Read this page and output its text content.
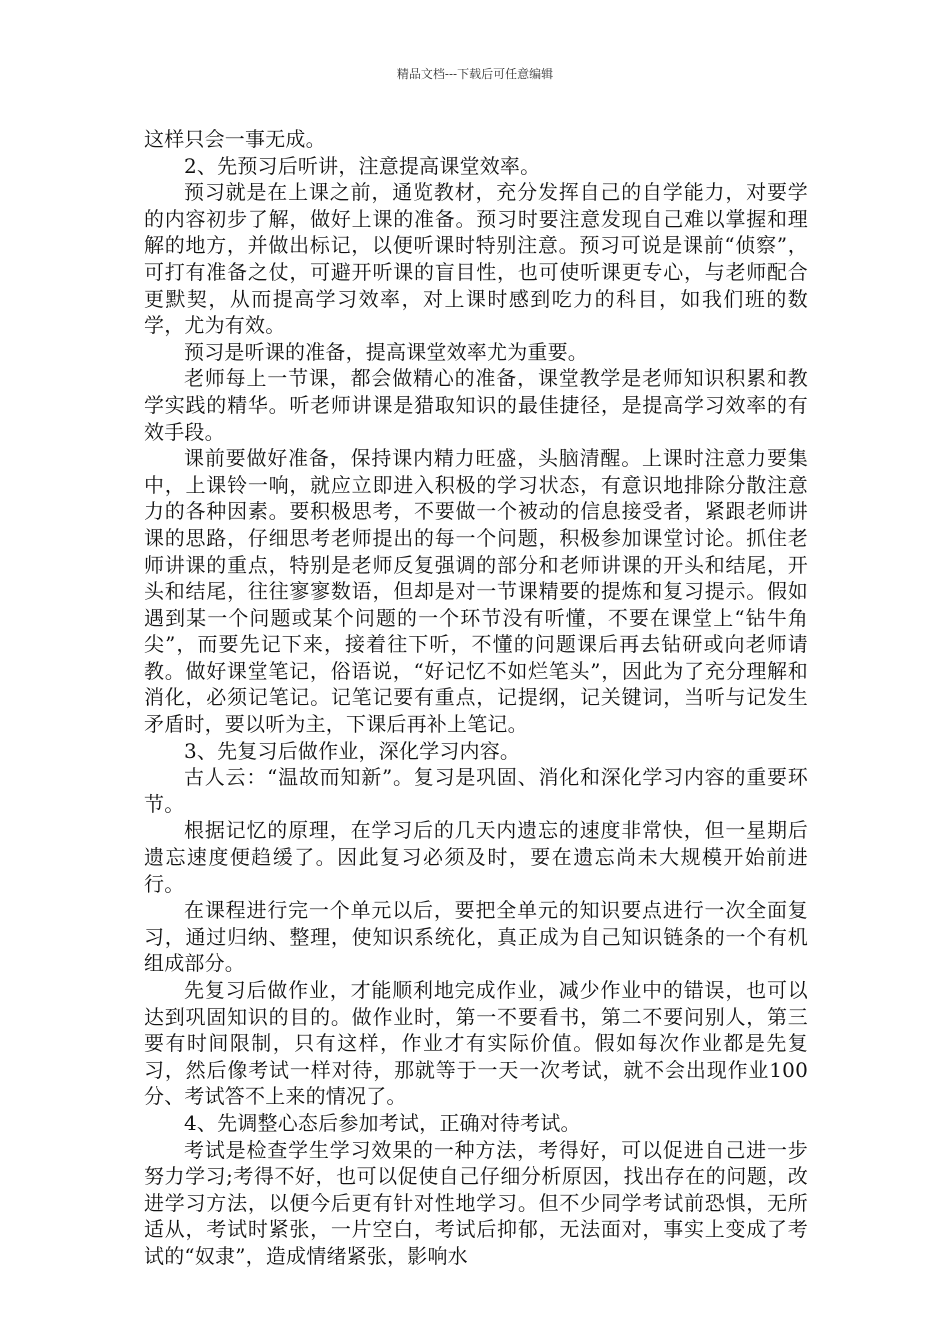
精品文档---下载后可任意编辑

这样只会一事无成。

2、先预习后听讲，注意提高课堂效率。

预习就是在上课之前，通览教材，充分发挥自己的自学能力，对要学的内容初步了解，做好上课的准备。预习时要注意发现自己难以掌握和理解的地方，并做出标记，以便听课时特别注意。预习可说是课前“侦察”，可打有准备之仗，可避开听课的盲目性，也可使听课更专心，与老师配合更默契，从而提高学习效率，对上课时感到吃力的科目，如我们班的数学，尤为有效。

预习是听课的准备，提高课堂效率尤为重要。

老师每上一节课，都会做精心的准备，课堂教学是老师知识积累和教学实践的精华。听老师讲课是猎取知识的最佳捷径，是提高学习效率的有效手段。

课前要做好准备，保持课内精力旺盛，头脑清醒。上课时注意力要集中，上课铃一响，就应立即进入积极的学习状态，有意识地排除分散注意力的各种因素。要积极思考，不要做一个被动的信息接受者，紧跟老师讲课的思路，仔细思考老师提出的每一个问题，积极参加课堂讨论。抓住老师讲课的重点，特别是老师反复强调的部分和老师讲课的开头和结尾，开头和结尾，往往寥寥数语，但却是对一节课精要的提炼和复习提示。假如遇到某一个问题或某个问题的一个环节没有听懂，不要在课堂上“钻牛角尖”，而要先记下来，接着往下听，不懂的问题课后再去钻研或向老师请教。做好课堂笔记，俗语说，“好记忆不如烂笔头”，因此为了充分理解和消化，必须记笔记。记笔记要有重点，记提纲，记关键词，当听与记发生矛盾时，要以听为主，下课后再补上笔记。

3、先复习后做作业，深化学习内容。

古人云：“温故而知新”。复习是巩固、消化和深化学习内容的重要环节。

根据记忆的原理，在学习后的几天内遗忘的速度非常快，但一星期后遗忘速度便趋缓了。因此复习必须及时，要在遗忘尚未大规模开始前进行。

在课程进行完一个单元以后，要把全单元的知识要点进行一次全面复习，通过归纳、整理，使知识系统化，真正成为自己知识链条的一个有机组成部分。

先复习后做作业，才能顺利地完成作业，减少作业中的错误，也可以达到巩固知识的目的。做作业时，第一不要看书，第二不要问别人，第三要有时间限制，只有这样，作业才有实际价值。假如每次作业都是先复习，然后像考试一样对待，那就等于一天一次考试，就不会出现作业100分、考试答不上来的情况了。

4、先调整心态后参加考试，正确对待考试。

考试是检查学生学习效果的一种方法，考得好，可以促进自己进一步努力学习;考得不好，也可以促使自己仔细分析原因，找出存在的问题，改进学习方法，以便今后更有针对性地学习。但不少同学考试前恐惧，无所适从，考试时紧张，一片空白，考试后抑郁，无法面对，事实上变成了考试的“奴隶”，造成情绪紧张，影响水
